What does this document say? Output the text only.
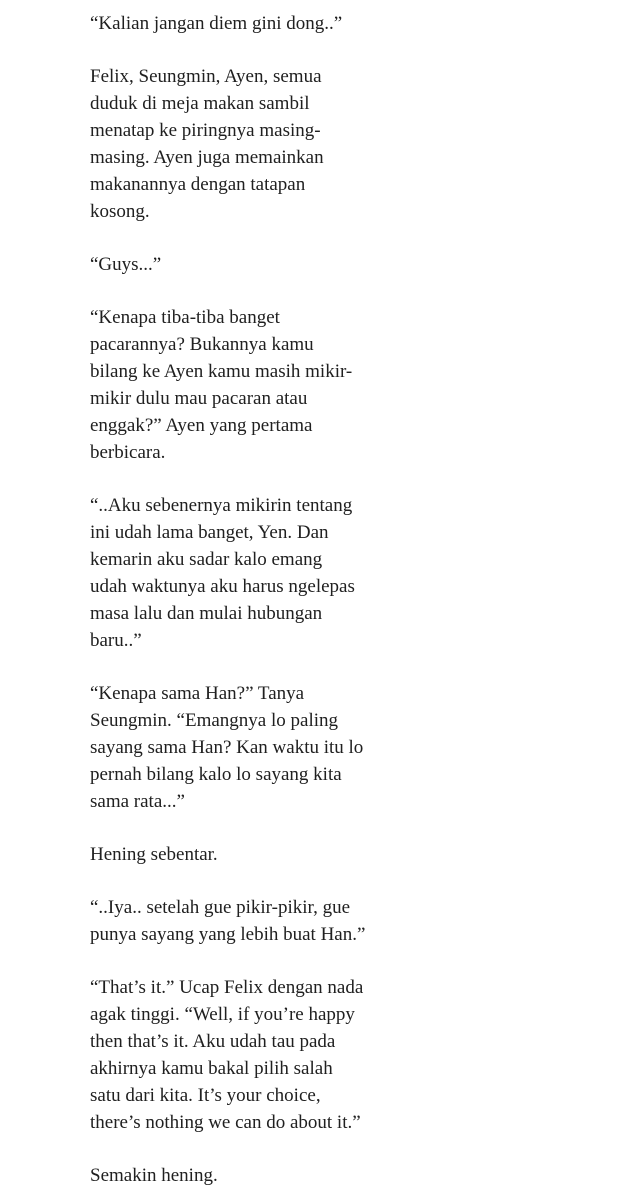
“Kalian jangan diem gini dong..”

Felix, Seungmin, Ayen, semua
duduk di meja makan sambil
menatap ke piringnya masing-
masing. Ayen juga memainkan
makanannya dengan tatapan
kosong.

“Guys...”

“Kenapa tiba-tiba banget
pacarannya? Bukannya kamu
bilang ke Ayen kamu masih mikir-
mikir dulu mau pacaran atau
enggak?” Ayen yang pertama
berbicara.

“..Aku sebenernya mikirin tentang
ini udah lama banget, Yen. Dan
kemarin aku sadar kalo emang
udah waktunya aku harus ngelepas
masa lalu dan mulai hubungan
baru..”

“Kenapa sama Han?” Tanya
Seungmin. “Emangnya lo paling
sayang sama Han? Kan waktu itu lo
pernah bilang kalo lo sayang kita
sama rata...”

Hening sebentar.

“..Iya.. setelah gue pikir-pikir, gue
punya sayang yang lebih buat Han.”

“That’s it.” Ucap Felix dengan nada
agak tinggi. “Well, if you’re happy
then that’s it. Aku udah tau pada
akhirnya kamu bakal pilih salah
satu dari kita. It’s your choice,
there’s nothing we can do about it.”

Semakin hening.
